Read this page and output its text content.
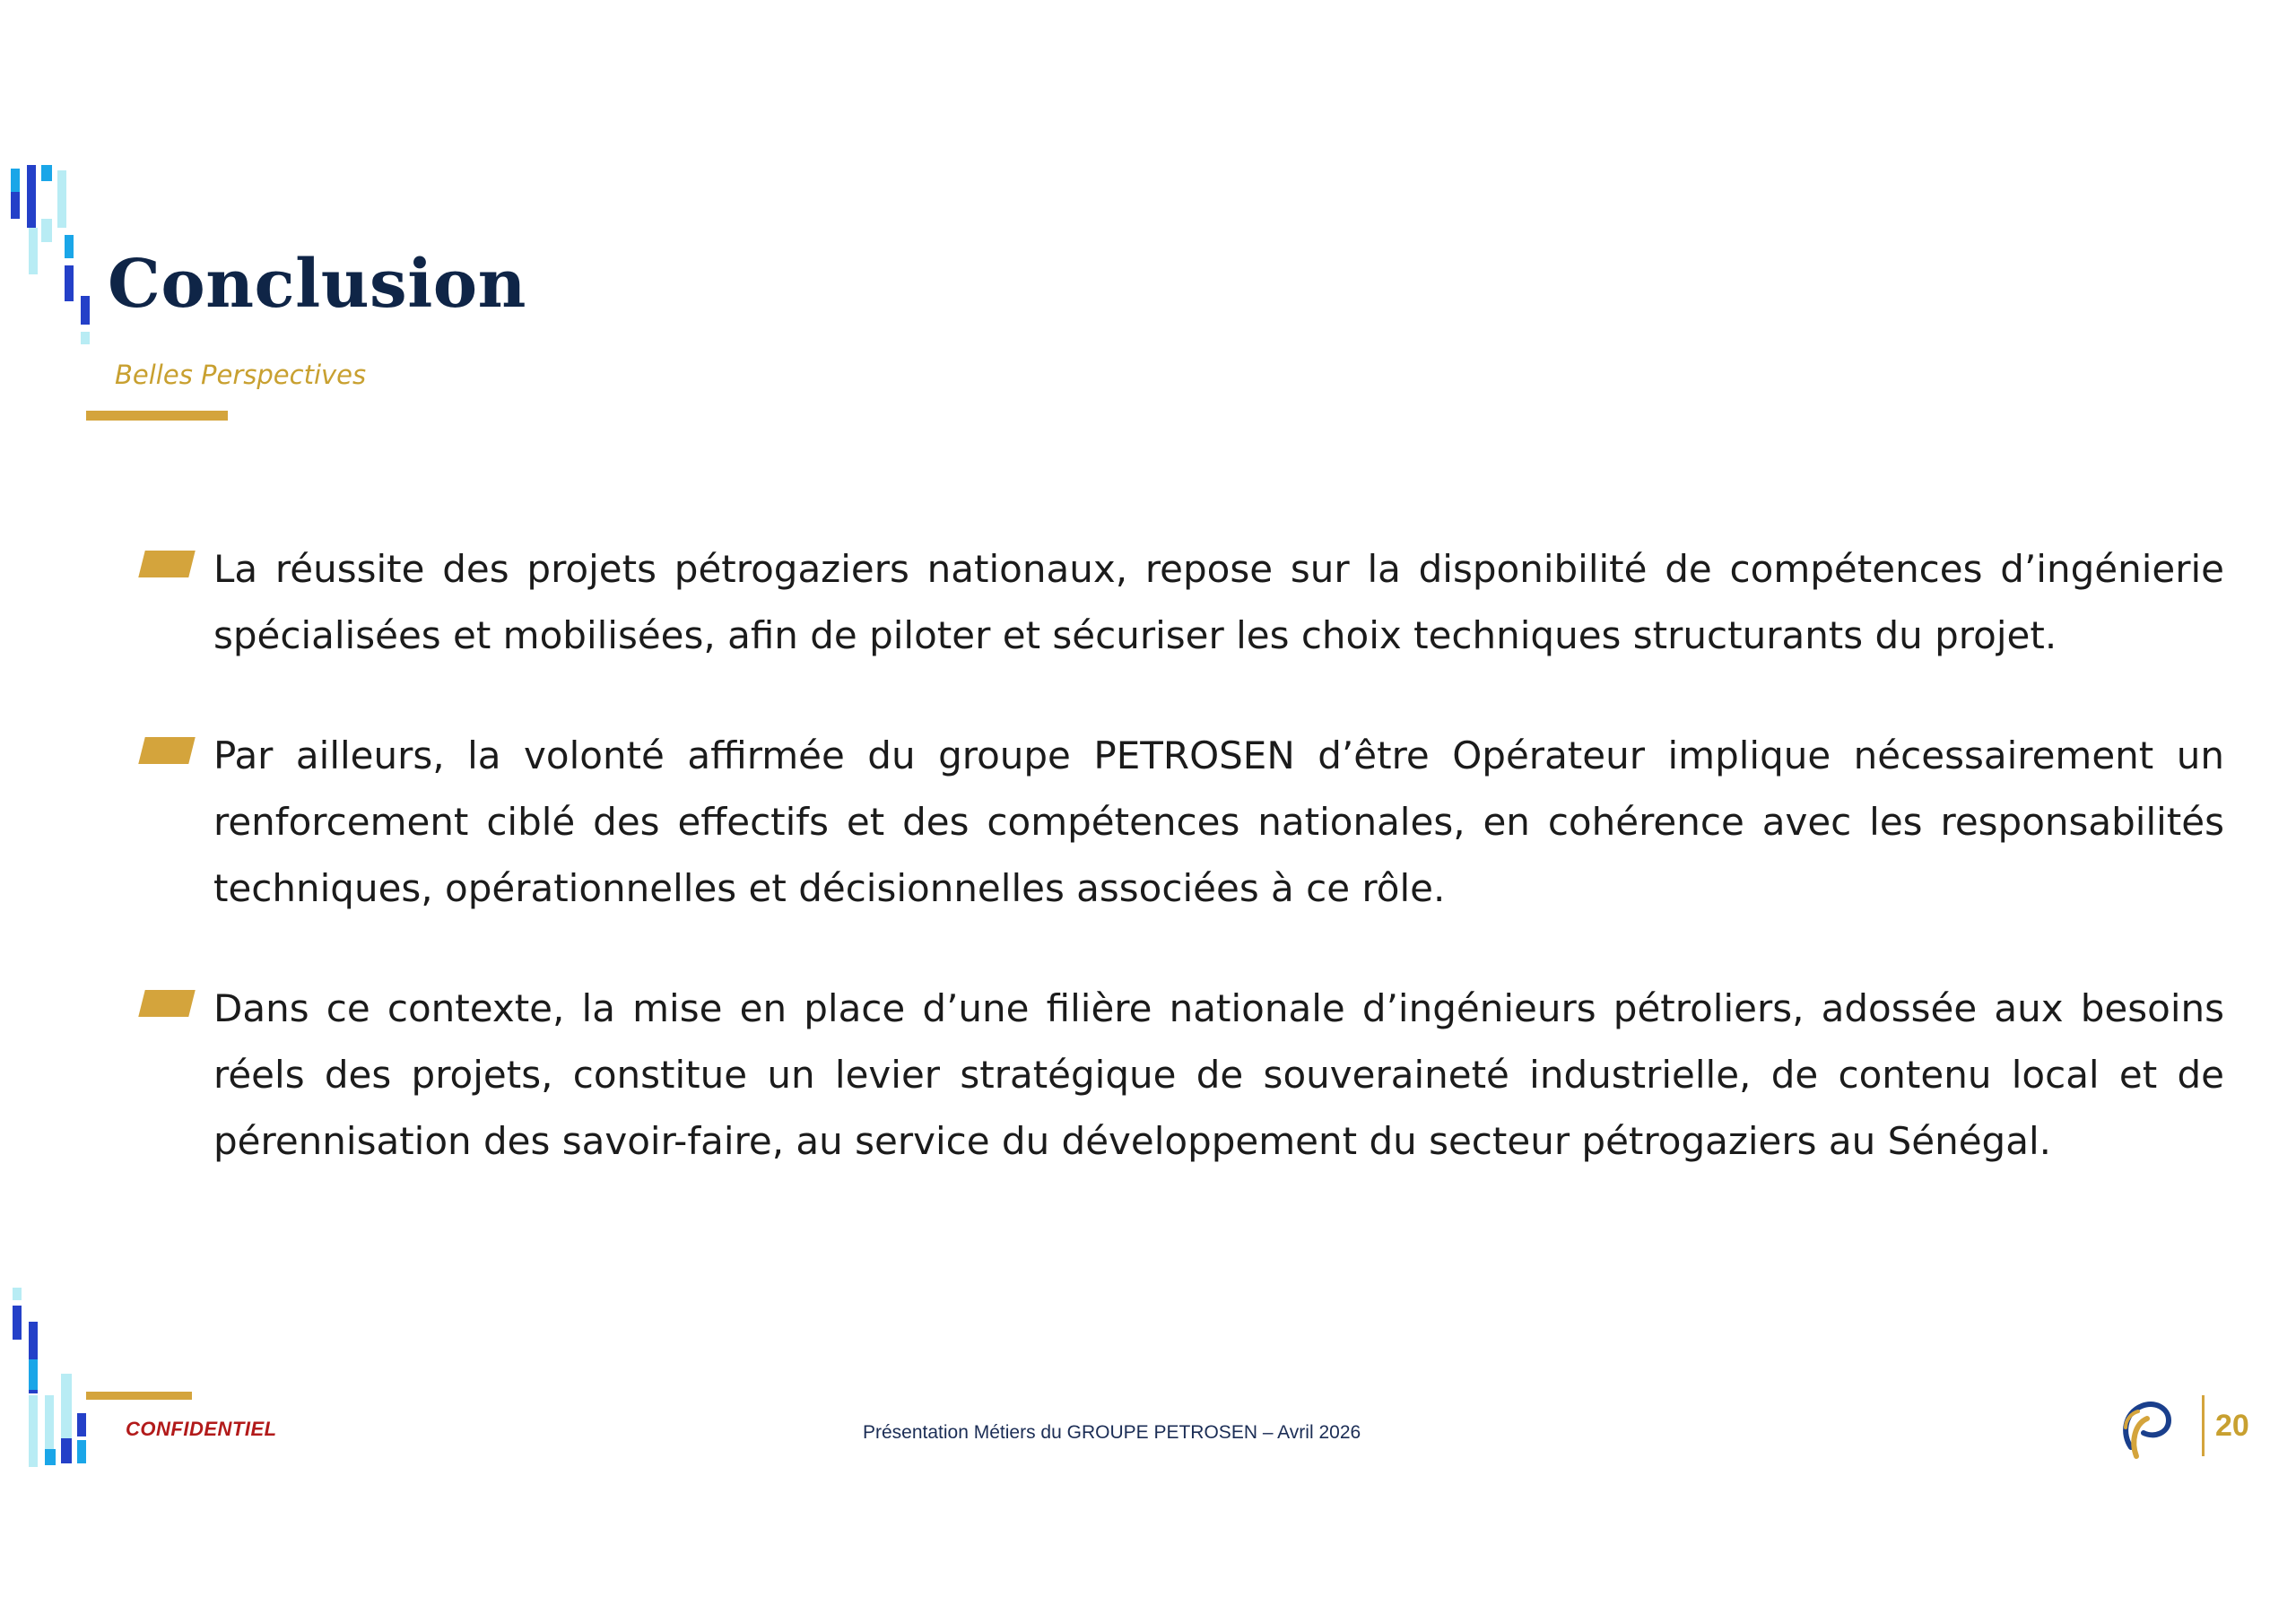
Conclusion
Belles Perspectives
La réussite des projets pétrogaziers nationaux, repose sur la disponibilité de compétences d’ingénierie spécialisées et mobilisées, afin de piloter et sécuriser les choix techniques structurants du projet.
Par ailleurs, la volonté affirmée du groupe PETROSEN d’être Opérateur implique nécessairement un renforcement ciblé des effectifs et des compétences nationales, en cohérence avec les responsabilités techniques, opérationnelles et décisionnelles associées à ce rôle.
Dans ce contexte, la mise en place d’une filière nationale d’ingénieurs pétroliers, adossée aux besoins réels des projets, constitue un levier stratégique de souveraineté industrielle, de contenu local et de pérennisation des savoir-faire, au service du développement du secteur pétrogaziers au Sénégal.
CONFIDENTIEL	Présentation Métiers du GROUPE PETROSEN – Avril 2026	20
